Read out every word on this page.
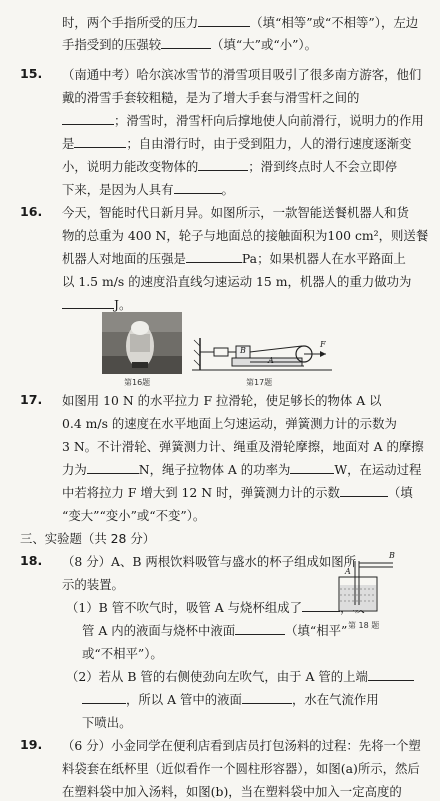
时，两个手指所受的压力	（填“相等”或“不相等”），左边
手指受到的压强较	（填“大”或“小”）。
15. （南通中考）哈尔滨冰雪节的滑雪项目吸引了很多南方游客，他们
戴的滑雪手套较粗糙，是为了增大手套与滑雪杆之间的
；滑雪时，滑雪杆向后撑地使人向前滑行，说明力的作用
是	；自由滑行时，由于受到阻力，人的滑行速度逐渐变
小，说明力能改变物体的	；滑到终点时人不会立即停
下来，是因为人具有	。
16. 今天，智能时代日新月异。如图所示，一款智能送餐机器人和货
物的总重为 400 N，轮子与地面总的接触面积为100 cm²，则送餐
机器人对地面的压强是	Pa；如果机器人在水平路面上
以 1.5 m/s 的速度沿直线匀速运动 15 m，机器人的重力做功为
J。
第16题
B
A
F
第17题
17. 如图用 10 N 的水平拉力 F 拉滑轮，使足够长的物体 A 以
0.4 m/s 的速度在水平地面上匀速运动，弹簧测力计的示数为
3 N。不计滑轮、弹簧测力计、绳重及滑轮摩擦，地面对 A 的摩擦
力为	N，绳子拉物体 A 的功率为	W，在运动过程
中若将拉力 F 增大到 12 N 时，弹簧测力计的示数	（填
“变大”“变小”或“不变”）。
三、实验题（共 28 分）
18. （8 分）A、B 两根饮料吸管与盛水的杯子组成如图所
示的装置。
（1）B 管不吹气时，吸管 A 与烧杯组成了
管 A 内的液面与烧杯中液面	（填“相平”
或“不相平”）。
A
B
第 18 题
（2）若从 B 管的右侧使劲向左吹气，由于 A 管的上端
，所以 A 管中的液面	，水在气流作用
下喷出。
19. （6 分）小金同学在便利店看到店员打包汤料的过程：先将一个塑
料袋套在纸杯里（近似看作一个圆柱形容器），如图(a)所示，然后
在塑料袋中加入汤料，如图(b)，当在塑料袋中加入一定高度的
